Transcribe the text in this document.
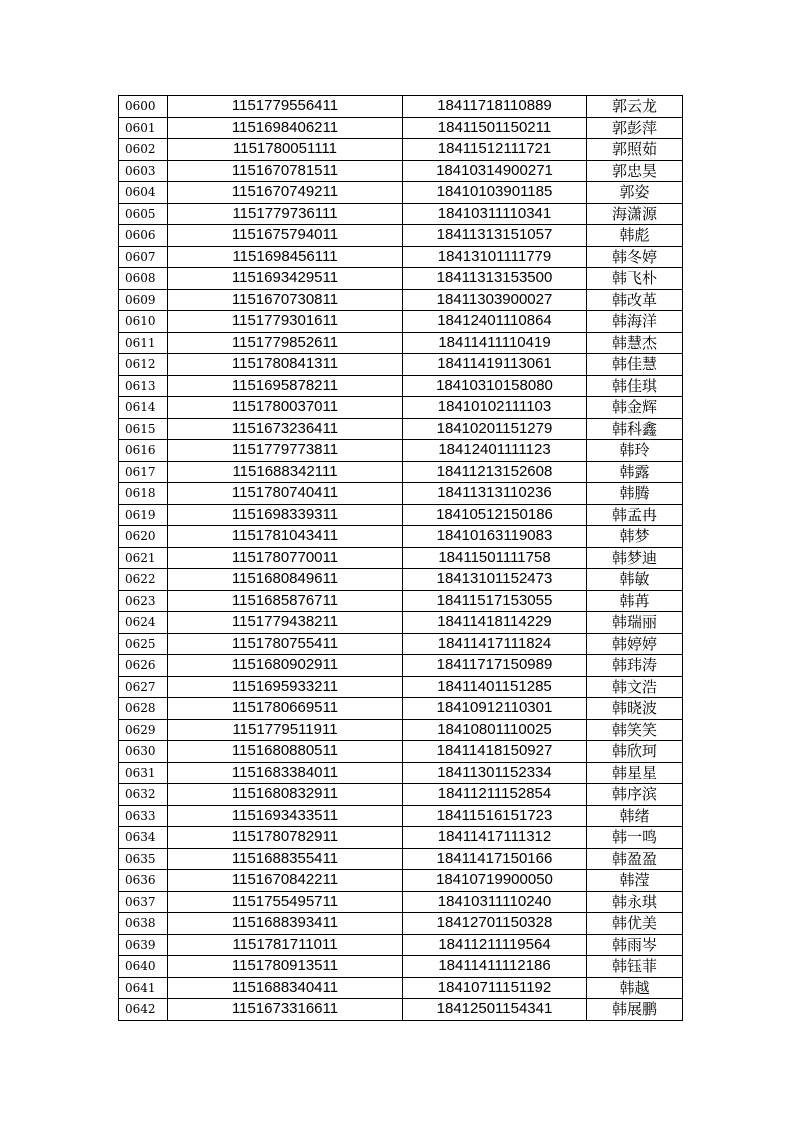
0600	1151779556411	18411718110889	郭云龙
0601	1151698406211	18411501150211	郭彭萍
0602	1151780051111	18411512111721	郭照茹
0603	1151670781511	18410314900271	郭忠昊
0604	1151670749211	18410103901185	郭姿
0605	1151779736111	18410311110341	海潇源
0606	1151675794011	18411313151057	韩彪
0607	1151698456111	18413101111779	韩冬婷
0608	1151693429511	18411313153500	韩飞朴
0609	1151670730811	18411303900027	韩改革
0610	1151779301611	18412401110864	韩海洋
0611	1151779852611	18411411110419	韩慧杰
0612	1151780841311	18411419113061	韩佳慧
0613	1151695878211	18410310158080	韩佳琪
0614	1151780037011	18410102111103	韩金辉
0615	1151673236411	18410201151279	韩科鑫
0616	1151779773811	18412401111123	韩玲
0617	1151688342111	18411213152608	韩露
0618	1151780740411	18411313110236	韩腾
0619	1151698339311	18410512150186	韩孟冉
0620	1151781043411	18410163119083	韩梦
0621	1151780770011	18411501111758	韩梦迪
0622	1151680849611	18413101152473	韩敏
0623	1151685876711	18411517153055	韩苒
0624	1151779438211	18411418114229	韩瑞丽
0625	1151780755411	18411417111824	韩婷婷
0626	1151680902911	18411717150989	韩玮涛
0627	1151695933211	18411401151285	韩文浩
0628	1151780669511	18410912110301	韩晓波
0629	1151779511911	18410801110025	韩笑笑
0630	1151680880511	18411418150927	韩欣珂
0631	1151683384011	18411301152334	韩星星
0632	1151680832911	18411211152854	韩序滨
0633	1151693433511	18411516151723	韩绪
0634	1151780782911	18411417111312	韩一鸣
0635	1151688355411	18411417150166	韩盈盈
0636	1151670842211	18410719900050	韩滢
0637	1151755495711	18410311110240	韩永琪
0638	1151688393411	18412701150328	韩优美
0639	1151781711011	18411211119564	韩雨岑
0640	1151780913511	18411411112186	韩钰菲
0641	1151688340411	18410711151192	韩越
0642	1151673316611	18412501154341	韩展鹏
